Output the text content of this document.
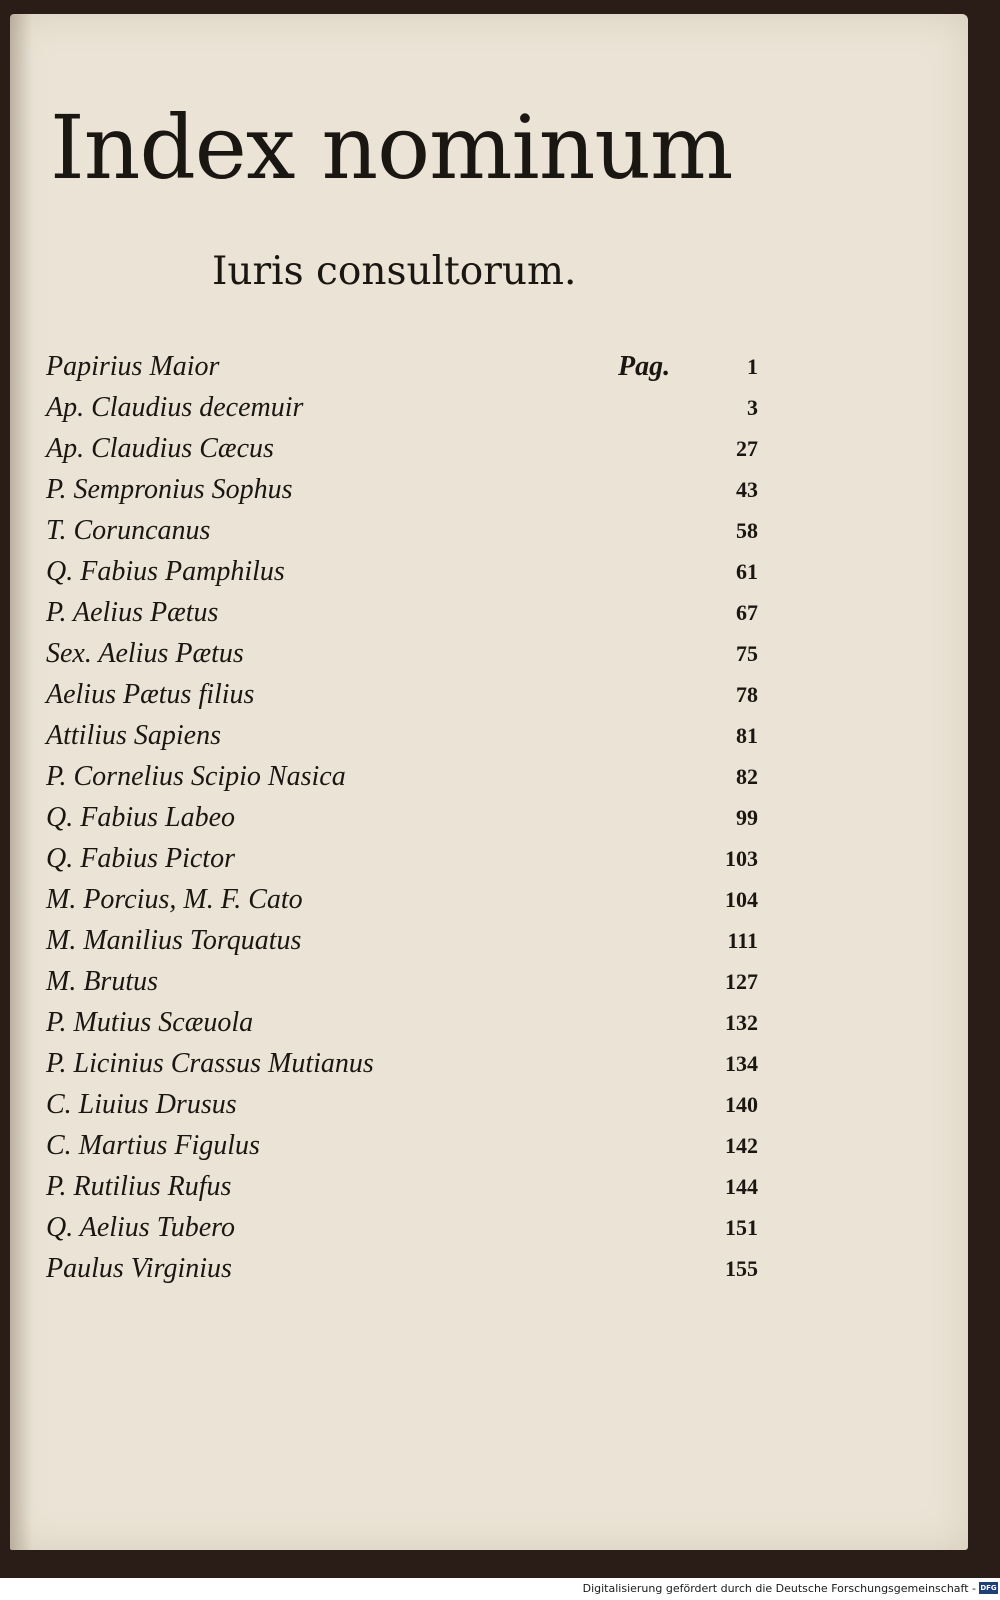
Index nominum
Iuris consultorum.
Papirius Maior	Pag.	1
Ap. Claudius decemuir	3
Ap. Claudius Cæcus	27
P. Sempronius Sophus	43
T. Coruncanus	58
Q. Fabius Pamphilus	61
P. Aelius Pætus	67
Sex. Aelius Pætus	75
Aelius Pætus filius	78
Attilius Sapiens	81
P. Cornelius Scipio Nasica	82
Q. Fabius Labeo	99
Q. Fabius Pictor	103
M. Porcius, M. F. Cato	104
M. Manilius Torquatus	111
M. Brutus	127
P. Mutius Scæuola	132
P. Licinius Crassus Mutianus	134
C. Liuius Drusus	140
C. Martius Figulus	142
P. Rutilius Rufus	144
Q. Aelius Tubero	151
Paulus Virginius	155
Digitalisierung gefördert durch die Deutsche Forschungsgemeinschaft - DFG
